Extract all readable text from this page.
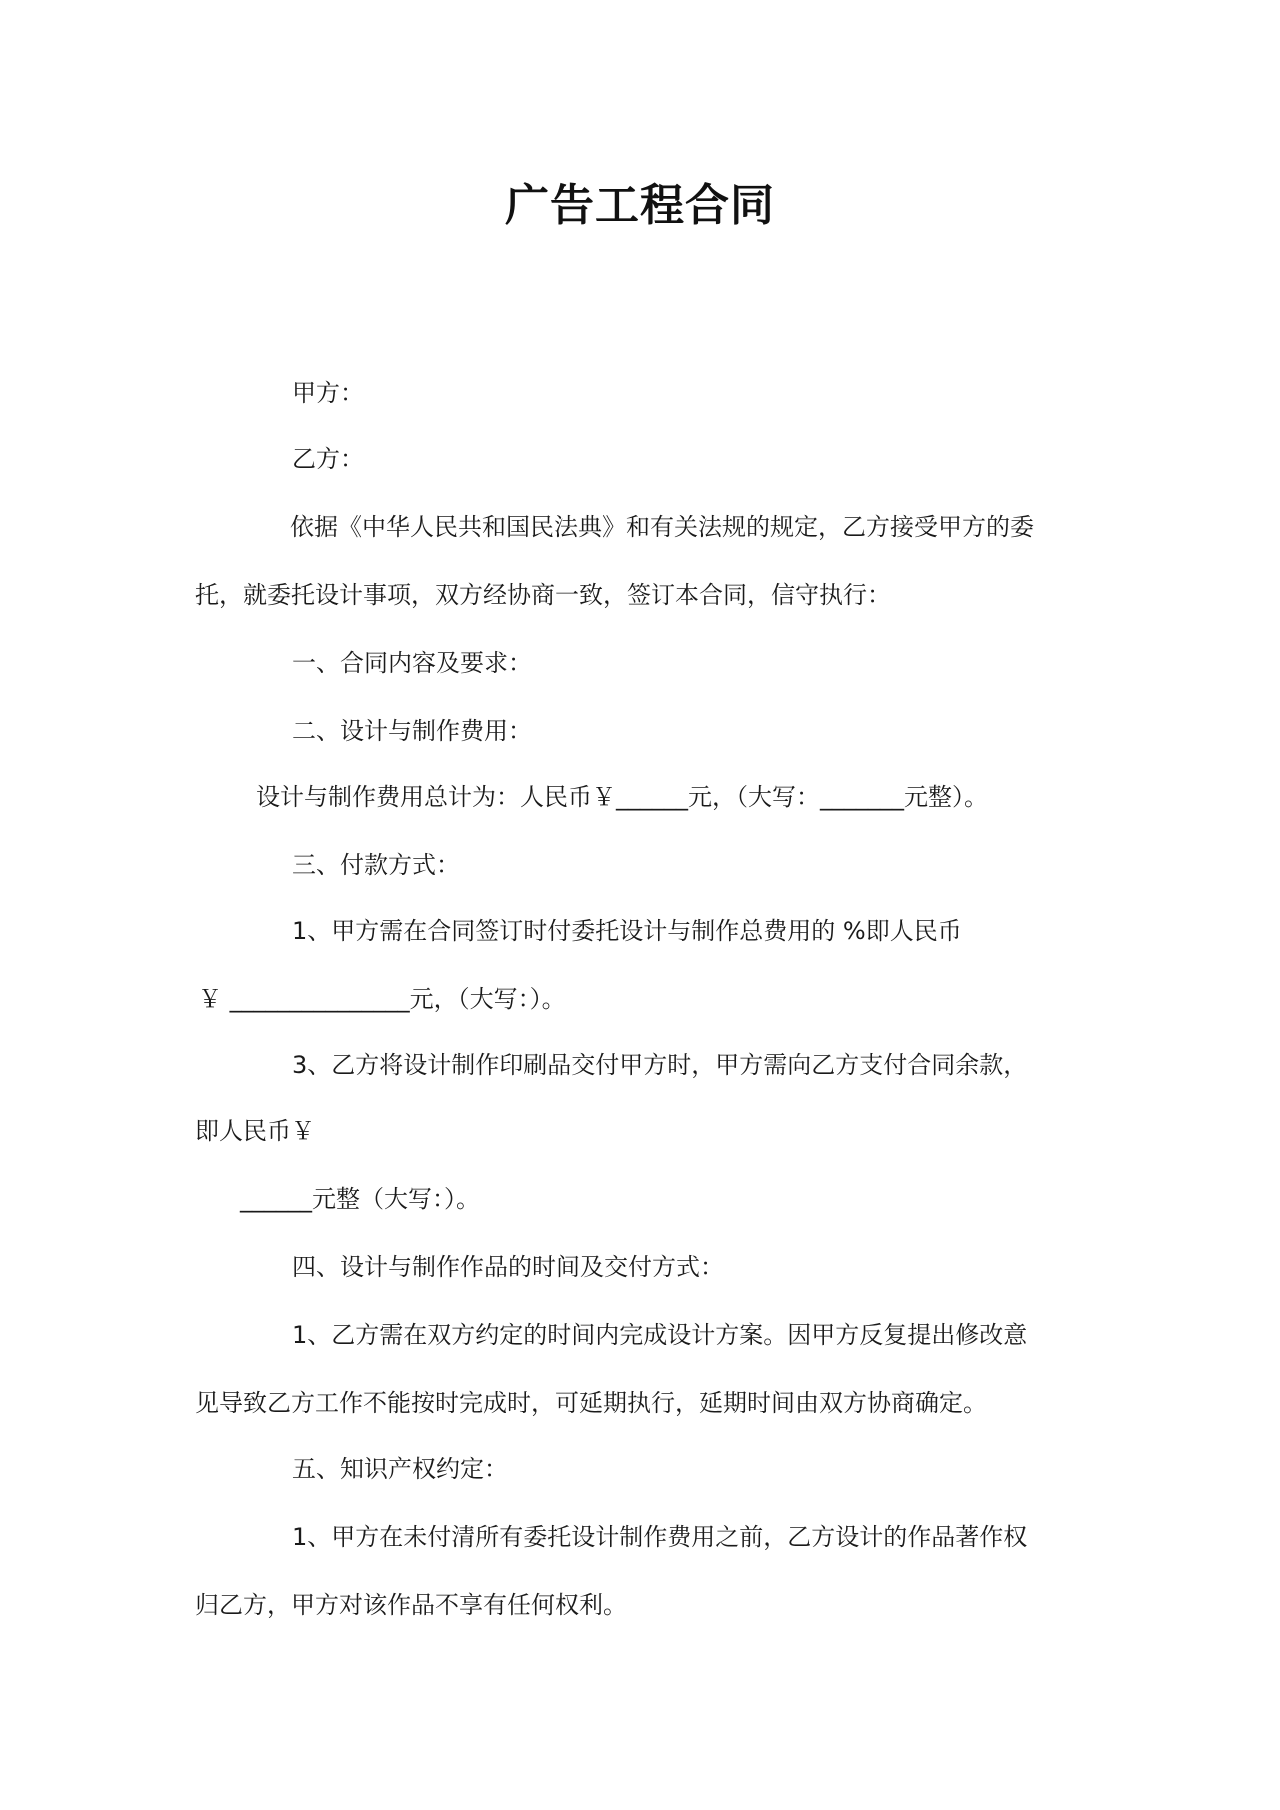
广告工程合同
甲方：
乙方：
依据《中华人民共和国民法典》和有关法规的规定，乙方接受甲方的委
托，就委托设计事项，双方经协商一致，签订本合同，信守执行：
一、合同内容及要求：
二、设计与制作费用：
设计与制作费用总计为：人民币￥______元，（大写：_______元整）。
三、付款方式：
1、甲方需在合同签订时付委托设计与制作总费用的 %即人民币
￥ _______________元，（大写：）。
3、乙方将设计制作印刷品交付甲方时，甲方需向乙方支付合同余款，
即人民币￥
______元整（大写：）。
四、设计与制作作品的时间及交付方式：
1、乙方需在双方约定的时间内完成设计方案。因甲方反复提出修改意
见导致乙方工作不能按时完成时，可延期执行，延期时间由双方协商确定。
五、知识产权约定：
1、甲方在未付清所有委托设计制作费用之前，乙方设计的作品著作权
归乙方，甲方对该作品不享有任何权利。
